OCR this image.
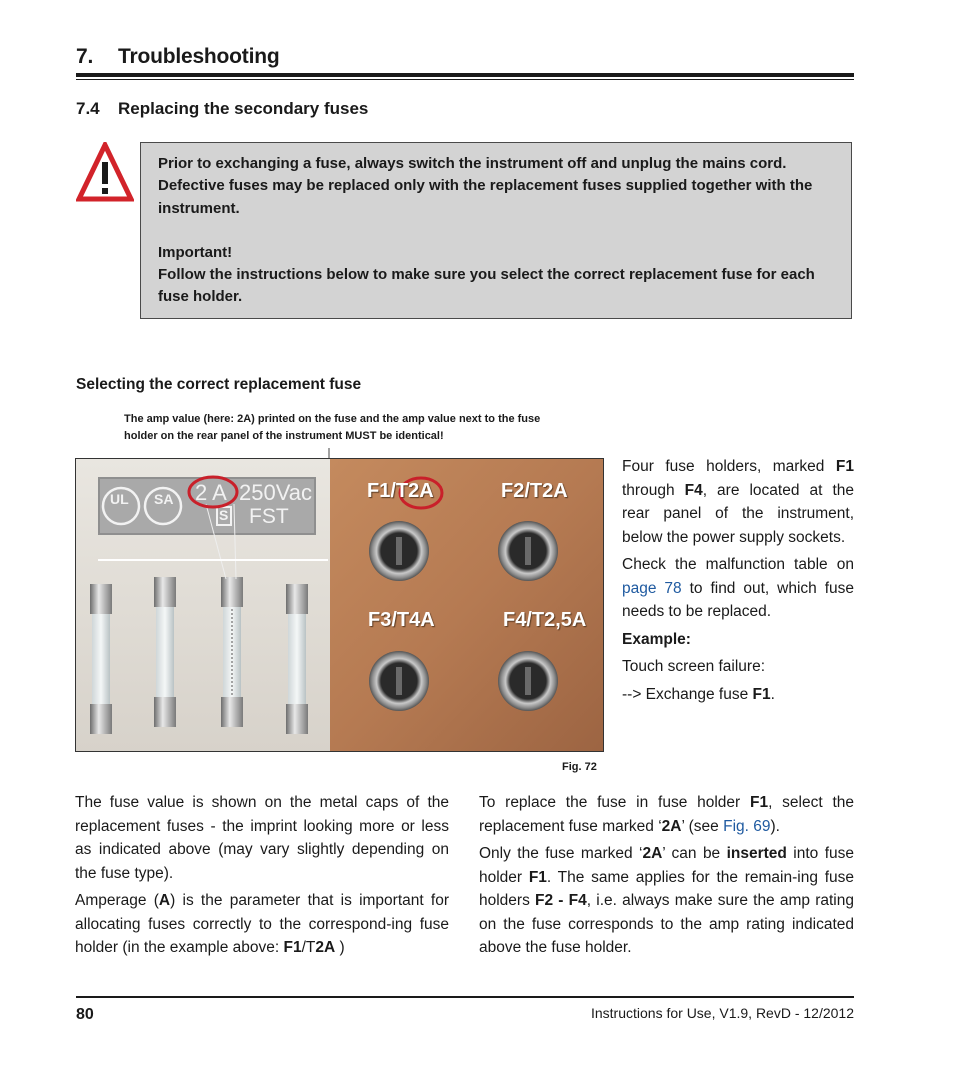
7. Troubleshooting
7.4 Replacing the secondary fuses

Prior to exchanging a fuse, always switch the instrument off and unplug the mains cord. Defective fuses may be replaced only with the replacement fuses supplied together with the instrument.

Important!

Follow the instructions below to make sure you select the correct replacement fuse for each fuse holder.

Selecting the correct replacement fuse
The amp value (here: 2A) printed on the fuse and the amp value next to the fuse holder on the rear panel of the instrument MUST be identical!
UL SA 2 A 250Vac
S FST
F1/T2A	F2/T2A
F3/T4A	F4/T2,5A
Fig. 72

Four fuse holders, marked F1 through F4, are located at the rear panel of the instrument, below the power supply sockets.

Check the malfunction table on page 78 to find out, which fuse needs to be replaced.

Example:

Touch screen failure:

--> Exchange fuse F1.

The fuse value is shown on the metal caps of the replacement fuses - the imprint looking more or less as indicated above (may vary slightly depending on the fuse type).

Amperage (A) is the parameter that is important for allocating fuses correctly to the correspond-ing fuse holder (in the example above: F1/T2A )

To replace the fuse in fuse holder F1, select the replacement fuse marked ‘2A’ (see Fig. 69).

Only the fuse marked ‘2A’ can be inserted into fuse holder F1. The same applies for the remain-ing fuse holders F2 - F4, i.e. always make sure the amp rating on the fuse corresponds to the amp rating indicated above the fuse holder.

80	Instructions for Use, V1.9, RevD - 12/2012
